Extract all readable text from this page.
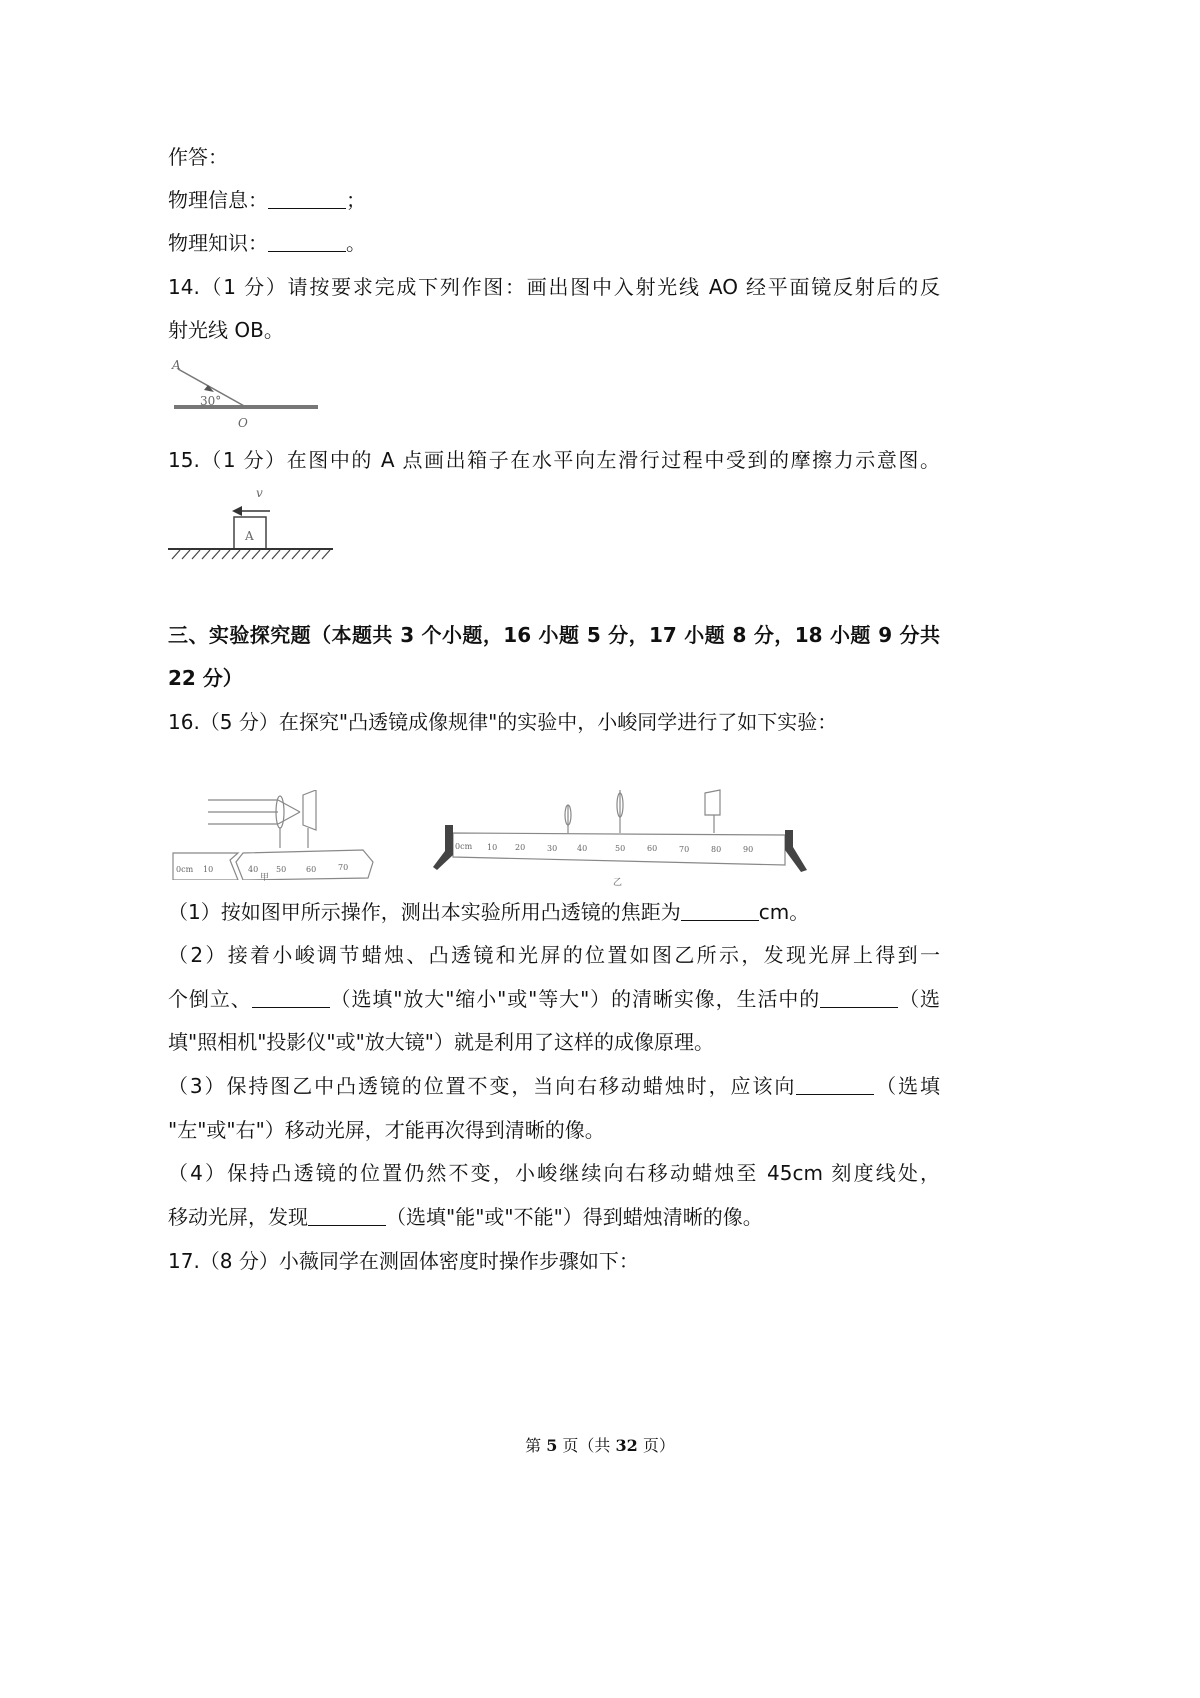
作答：
物理信息：	；
物理知识：	。
14.（1 分）请按要求完成下列作图：画出图中入射光线 AO 经平面镜反射后的反
射光线 OB。
A
30°
O
15.（1 分）在图中的 A 点画出箱子在水平向左滑行过程中受到的摩擦力示意图。
v
A
三、实验探究题（本题共 3 个小题，16 小题 5 分，17 小题 8 分，18 小题 9 分共
22 分）
16.（5 分）在探究"凸透镜成像规律"的实验中，小峻同学进行了如下实验：
0cm 10	40 50 60	70
甲
0cm 10 20	30 40	50	60	70	80	90
乙
（1）按如图甲所示操作，测出本实验所用凸透镜的焦距为	cm。
（2）接着小峻调节蜡烛、凸透镜和光屏的位置如图乙所示，发现光屏上得到一
个倒立、	（选填"放大"缩小"或"等大"）的清晰实像，生活中的	（选
填"照相机"投影仪"或"放大镜"）就是利用了这样的成像原理。
（3）保持图乙中凸透镜的位置不变，当向右移动蜡烛时，应该向	（选填
"左"或"右"）移动光屏，才能再次得到清晰的像。
（4）保持凸透镜的位置仍然不变，小峻继续向右移动蜡烛至 45cm 刻度线处，
移动光屏，发现	（选填"能"或"不能"）得到蜡烛清晰的像。
17.（8 分）小薇同学在测固体密度时操作步骤如下：
第 5 页（共 32 页）
